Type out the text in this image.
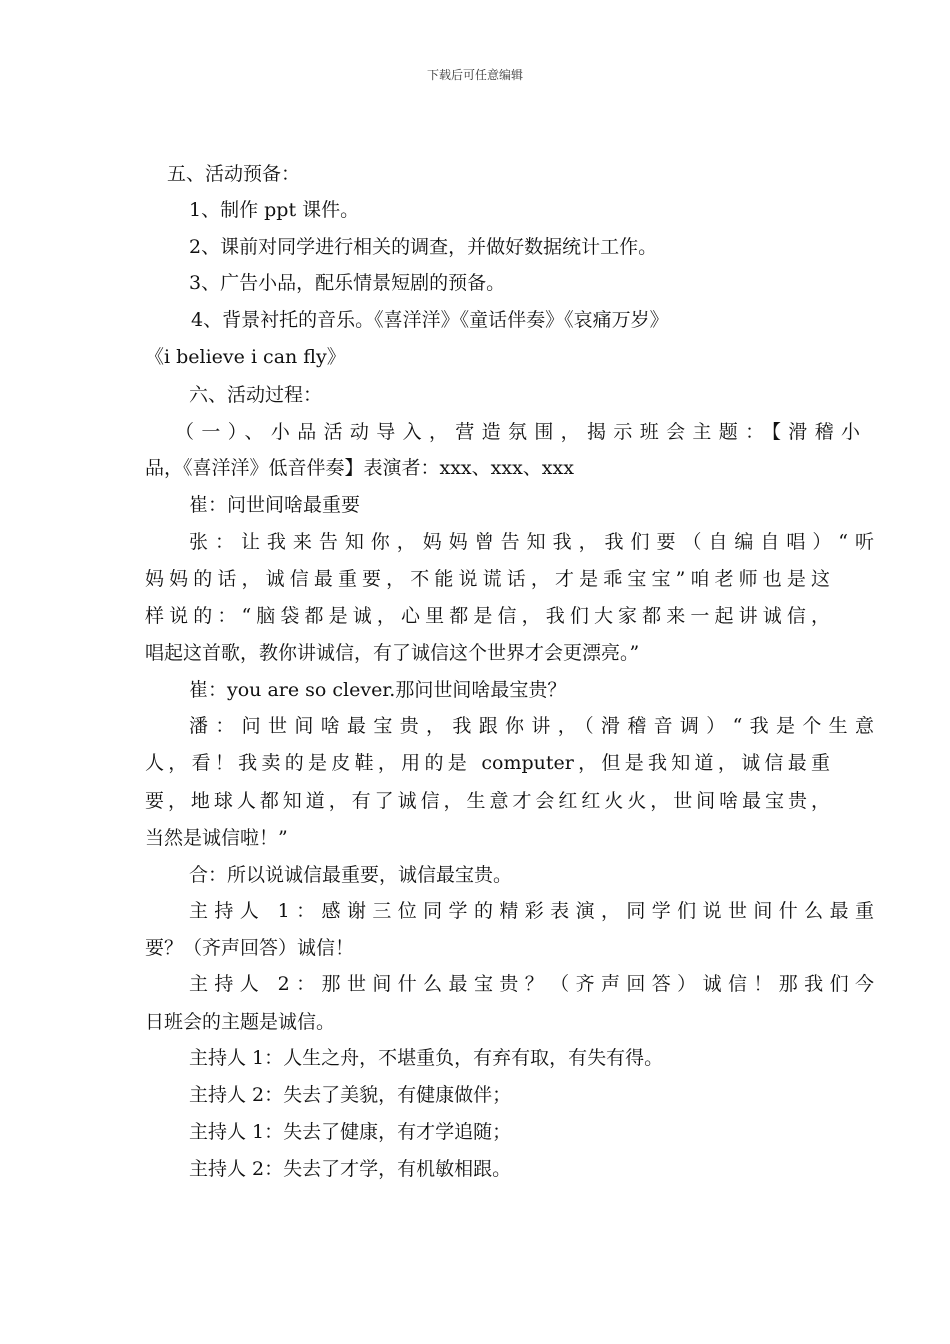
下载后可任意编辑
五、活动预备：
1、制作 ppt 课件。
2、课前对同学进行相关的调查，并做好数据统计工作。
3、广告小品，配乐情景短剧的预备。
4、背景衬托的音乐。《喜洋洋》《童话伴奏》《哀痛万岁》
《i believe i can fly》
六、活动过程：
（一）、小品活动导入，营造氛围，揭示班会主题：【滑稽小
品，《喜洋洋》低音伴奏】表演者：xxx、xxx、xxx
崔：问世间啥最重要
张：让我来告知你，妈妈曾告知我，我们要（自编自唱）“听
妈妈的话，诚信最重要，不能说谎话，才是乖宝宝”咱老师也是这
样说的：“脑袋都是诚，心里都是信，我们大家都来一起讲诚信，
唱起这首歌，教你讲诚信，有了诚信这个世界才会更漂亮。”
崔：you are so clever.那问世间啥最宝贵？
潘：问世间啥最宝贵，我跟你讲，（滑稽音调）“我是个生意
人，看！我卖的是皮鞋，用的是 computer，但是我知道，诚信最重
要，地球人都知道，有了诚信，生意才会红红火火，世间啥最宝贵，
当然是诚信啦！”
合：所以说诚信最重要，诚信最宝贵。
主持人 1：感谢三位同学的精彩表演，同学们说世间什么最重
要？（齐声回答）诚信！
主持人 2：那世间什么最宝贵？（齐声回答）诚信！那我们今
日班会的主题是诚信。
主持人 1：人生之舟，不堪重负，有弃有取，有失有得。
主持人 2：失去了美貌，有健康做伴；
主持人 1：失去了健康，有才学追随；
主持人 2：失去了才学，有机敏相跟。
